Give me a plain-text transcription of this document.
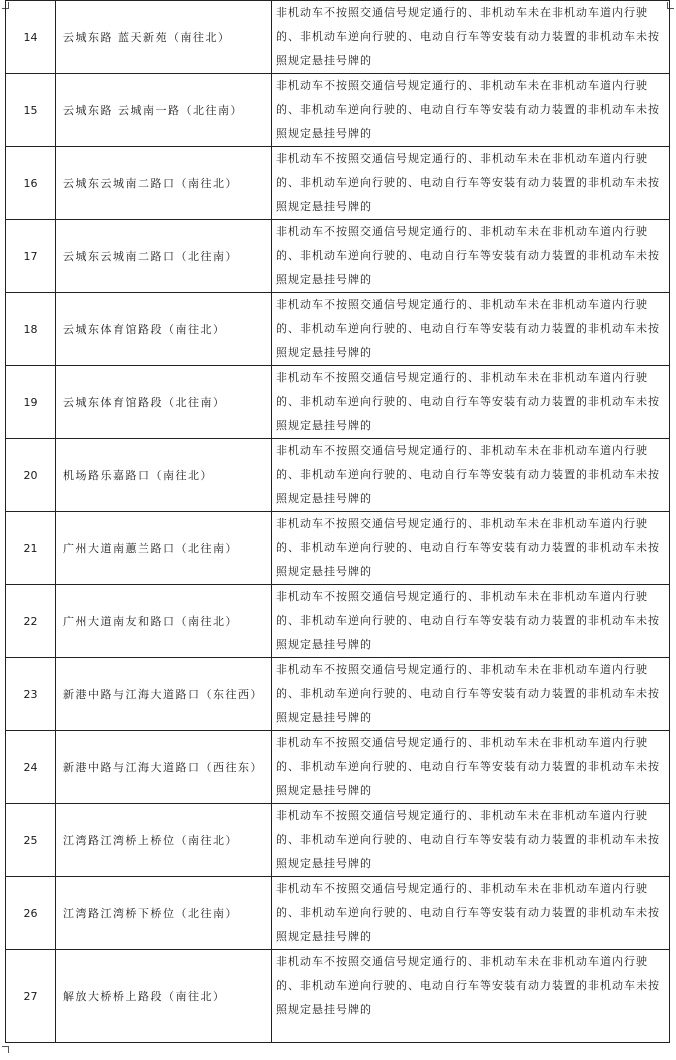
14	云城东路 蓝天新苑（南往北）	非机动车不按照交通信号规定通行的、非机动车未在非机动车道内行驶的、非机动车逆向行驶的、电动自行车等安装有动力装置的非机动车未按照规定悬挂号牌的
15	云城东路 云城南一路（北往南）	非机动车不按照交通信号规定通行的、非机动车未在非机动车道内行驶的、非机动车逆向行驶的、电动自行车等安装有动力装置的非机动车未按照规定悬挂号牌的
16	云城东云城南二路口（南往北）	非机动车不按照交通信号规定通行的、非机动车未在非机动车道内行驶的、非机动车逆向行驶的、电动自行车等安装有动力装置的非机动车未按照规定悬挂号牌的
17	云城东云城南二路口（北往南）	非机动车不按照交通信号规定通行的、非机动车未在非机动车道内行驶的、非机动车逆向行驶的、电动自行车等安装有动力装置的非机动车未按照规定悬挂号牌的
18	云城东体育馆路段（南往北）	非机动车不按照交通信号规定通行的、非机动车未在非机动车道内行驶的、非机动车逆向行驶的、电动自行车等安装有动力装置的非机动车未按照规定悬挂号牌的
19	云城东体育馆路段（北往南）	非机动车不按照交通信号规定通行的、非机动车未在非机动车道内行驶的、非机动车逆向行驶的、电动自行车等安装有动力装置的非机动车未按照规定悬挂号牌的
20	机场路乐嘉路口（南往北）	非机动车不按照交通信号规定通行的、非机动车未在非机动车道内行驶的、非机动车逆向行驶的、电动自行车等安装有动力装置的非机动车未按照规定悬挂号牌的
21	广州大道南蕙兰路口（北往南）	非机动车不按照交通信号规定通行的、非机动车未在非机动车道内行驶的、非机动车逆向行驶的、电动自行车等安装有动力装置的非机动车未按照规定悬挂号牌的
22	广州大道南友和路口（南往北）	非机动车不按照交通信号规定通行的、非机动车未在非机动车道内行驶的、非机动车逆向行驶的、电动自行车等安装有动力装置的非机动车未按照规定悬挂号牌的
23	新港中路与江海大道路口（东往西）	非机动车不按照交通信号规定通行的、非机动车未在非机动车道内行驶的、非机动车逆向行驶的、电动自行车等安装有动力装置的非机动车未按照规定悬挂号牌的
24	新港中路与江海大道路口（西往东）	非机动车不按照交通信号规定通行的、非机动车未在非机动车道内行驶的、非机动车逆向行驶的、电动自行车等安装有动力装置的非机动车未按照规定悬挂号牌的
25	江湾路江湾桥上桥位（南往北）	非机动车不按照交通信号规定通行的、非机动车未在非机动车道内行驶的、非机动车逆向行驶的、电动自行车等安装有动力装置的非机动车未按照规定悬挂号牌的
26	江湾路江湾桥下桥位（北往南）	非机动车不按照交通信号规定通行的、非机动车未在非机动车道内行驶的、非机动车逆向行驶的、电动自行车等安装有动力装置的非机动车未按照规定悬挂号牌的
27	解放大桥桥上路段（南往北）	非机动车不按照交通信号规定通行的、非机动车未在非机动车道内行驶的、非机动车逆向行驶的、电动自行车等安装有动力装置的非机动车未按照规定悬挂号牌的
